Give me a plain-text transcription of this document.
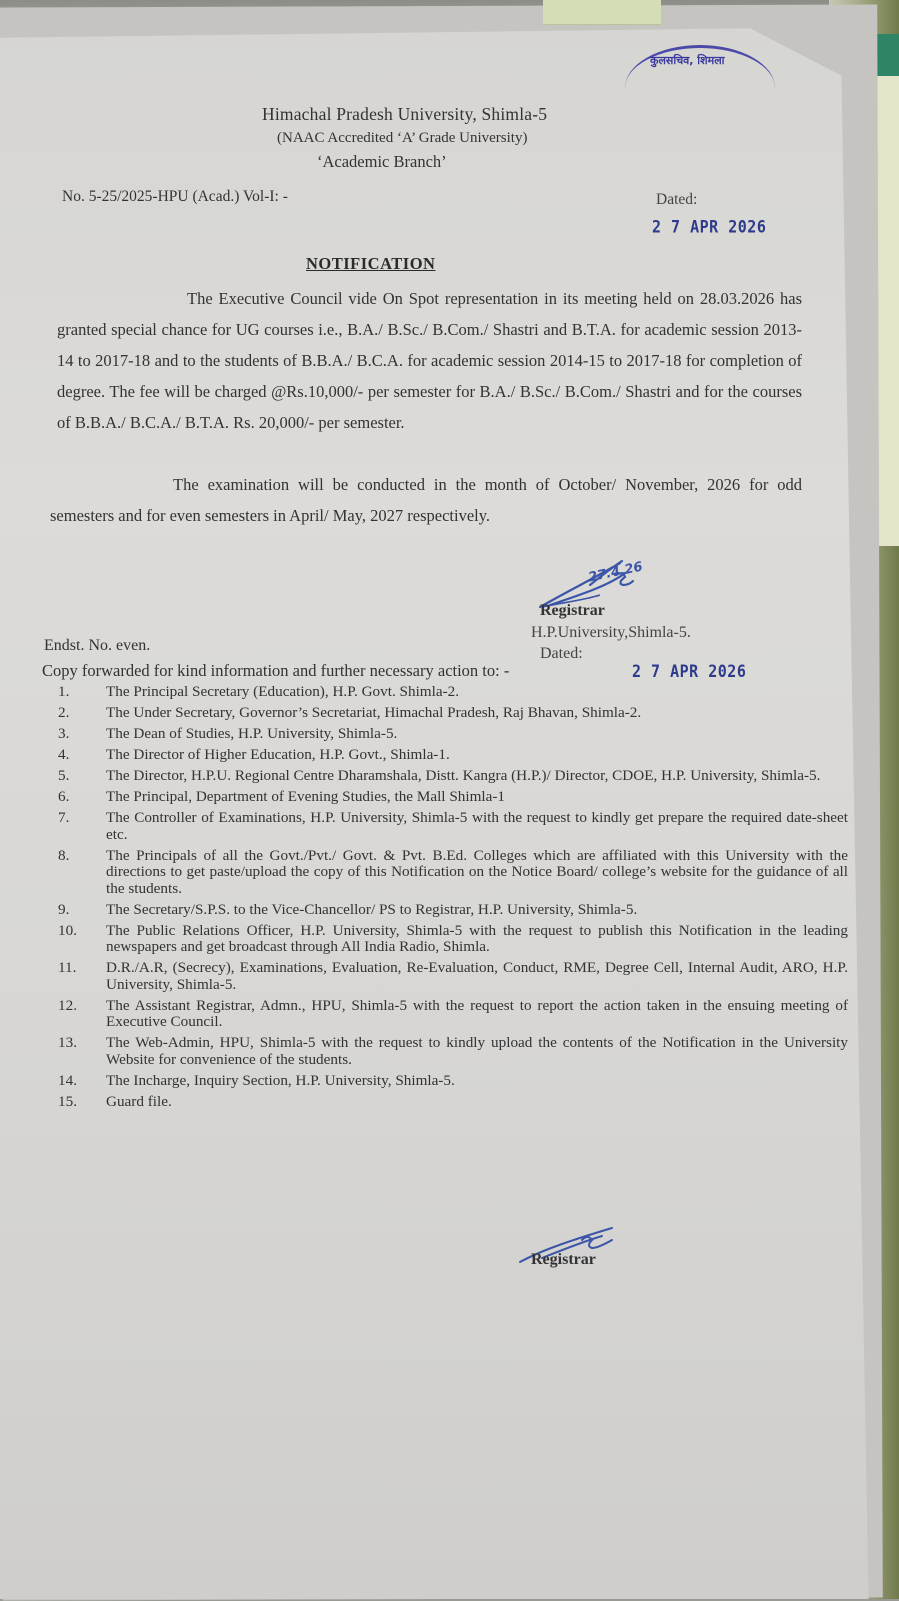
कुलसचिव, शिमला
Himachal Pradesh University, Shimla-5
(NAAC Accredited ‘A’ Grade University)
‘Academic Branch’
No. 5-25/2025-HPU (Acad.) Vol-I: -	Dated:
2 7 APR 2026
NOTIFICATION
The Executive Council vide On Spot representation in its meeting held on 28.03.2026 has granted special chance for UG courses i.e., B.A./ B.Sc./ B.Com./ Shastri and B.T.A. for academic session 2013-14 to 2017-18 and to the students of B.B.A./ B.C.A. for academic session 2014-15 to 2017-18 for completion of degree. The fee will be charged @Rs.10,000/- per semester for B.A./ B.Sc./ B.Com./ Shastri and for the courses of B.B.A./ B.C.A./ B.T.A. Rs. 20,000/- per semester.
The examination will be conducted in the month of October/ November, 2026 for odd semesters and for even semesters in April/ May, 2027 respectively.
27.4.26
Registrar
H.P.University,Shimla-5.
Endst. No. even.	Dated:
2 7 APR 2026
Copy forwarded for kind information and further necessary action to: -
1. The Principal Secretary (Education), H.P. Govt. Shimla-2.
2. The Under Secretary, Governor’s Secretariat, Himachal Pradesh, Raj Bhavan, Shimla-2.
3. The Dean of Studies, H.P. University, Shimla-5.
4. The Director of Higher Education, H.P. Govt., Shimla-1.
5. The Director, H.P.U. Regional Centre Dharamshala, Distt. Kangra (H.P.)/ Director, CDOE, H.P. University, Shimla-5.
6. The Principal, Department of Evening Studies, the Mall Shimla-1
7. The Controller of Examinations, H.P. University, Shimla-5 with the request to kindly get prepare the required date-sheet etc.
8. The Principals of all the Govt./Pvt./ Govt. & Pvt. B.Ed. Colleges which are affiliated with this University with the directions to get paste/upload the copy of this Notification on the Notice Board/ college’s website for the guidance of all the students.
9. The Secretary/S.P.S. to the Vice-Chancellor/ PS to Registrar, H.P. University, Shimla-5.
10. The Public Relations Officer, H.P. University, Shimla-5 with the request to publish this Notification in the leading newspapers and get broadcast through All India Radio, Shimla.
11. D.R./A.R, (Secrecy), Examinations, Evaluation, Re-Evaluation, Conduct, RME, Degree Cell, Internal Audit, ARO, H.P. University, Shimla-5.
12. The Assistant Registrar, Admn., HPU, Shimla-5 with the request to report the action taken in the ensuing meeting of Executive Council.
13. The Web-Admin, HPU, Shimla-5 with the request to kindly upload the contents of the Notification in the University Website for convenience of the students.
14. The Incharge, Inquiry Section, H.P. University, Shimla-5.
15. Guard file.
Registrar
